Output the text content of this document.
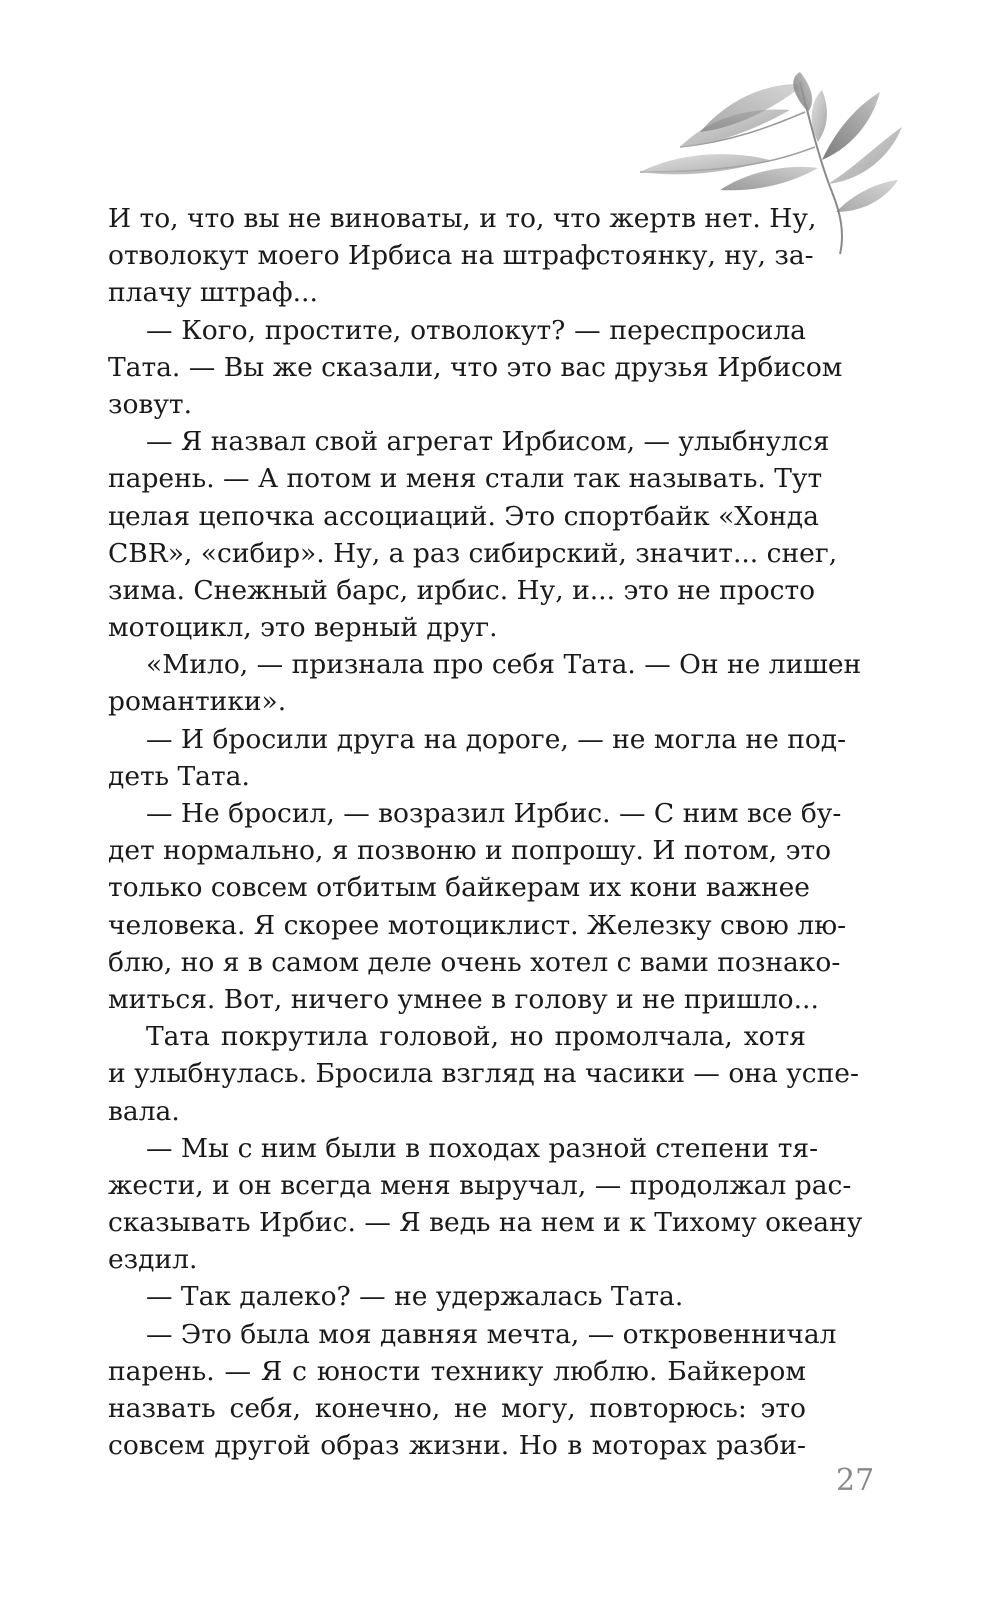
И то, что вы не виноваты, и то, что жертв нет. Ну,
отволокут моего Ирбиса на штрафстоянку, ну, за-
плачу штраф...
— Кого, простите, отволокут? — переспросила
Тата. — Вы же сказали, что это вас друзья Ирбисом
зовут.
— Я назвал свой агрегат Ирбисом, — улыбнулся
парень. — А потом и меня стали так называть. Тут
целая цепочка ассоциаций. Это спортбайк «Хонда
CBR», «сибир». Ну, а раз сибирский, значит... снег,
зима. Снежный барс, ирбис. Ну, и... это не просто
мотоцикл, это верный друг.
«Мило, — признала про себя Тата. — Он не лишен
романтики».
— И бросили друга на дороге, — не могла не под-
деть Тата.
— Не бросил, — возразил Ирбис. — С ним все бу-
дет нормально, я позвоню и попрошу. И потом, это
только совсем отбитым байкерам их кони важнее
человека. Я скорее мотоциклист. Железку свою лю-
блю, но я в самом деле очень хотел с вами познако-
миться. Вот, ничего умнее в голову и не пришло...
Тата покрутила головой, но промолчала, хотя
и улыбнулась. Бросила взгляд на часики — она успе-
вала.
— Мы с ним были в походах разной степени тя-
жести, и он всегда меня выручал, — продолжал рас-
сказывать Ирбис. — Я ведь на нем и к Тихому океану
ездил.
— Так далеко? — не удержалась Тата.
— Это была моя давняя мечта, — откровенничал
парень. — Я с юности технику люблю. Байкером
назвать себя, конечно, не могу, повторюсь: это
совсем другой образ жизни. Но в моторах разби-
27
